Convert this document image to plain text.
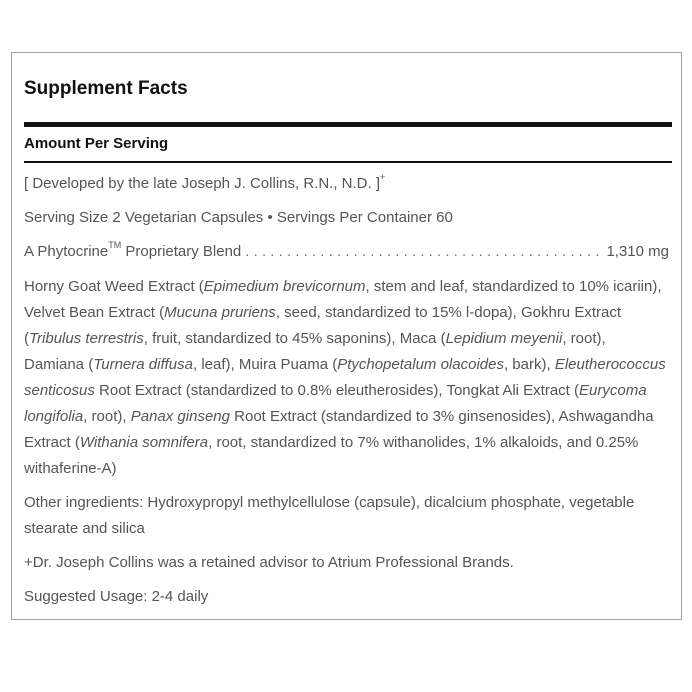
Supplement Facts
Amount Per Serving
[ Developed by the late Joseph J. Collins, R.N., N.D. ]+
Serving Size 2 Vegetarian Capsules • Servings Per Container 60
A Phytocrine™ Proprietary Blend
. . .	1,310 mg
Horny Goat Weed Extract (Epimedium brevicornum, stem and leaf, standardized to 10% icariin), Velvet Bean Extract (Mucuna pruriens, seed, standardized to 15% l-dopa), Gokhru Extract (Tribulus terrestris, fruit, standardized to 45% saponins), Maca (Lepidium meyenii, root), Damiana (Turnera diffusa, leaf), Muira Puama (Ptychopetalum olacoides, bark), Eleutherococcus senticosus Root Extract (standardized to 0.8% eleutherosides), Tongkat Ali Extract (Eurycoma longifolia, root), Panax ginseng Root Extract (standardized to 3% ginsenosides), Ashwagandha Extract (Withania somnifera, root, standardized to 7% withanolides, 1% alkaloids, and 0.25% withaferine-A)
Other ingredients: Hydroxypropyl methylcellulose (capsule), dicalcium phosphate, vegetable stearate and silica
+Dr. Joseph Collins was a retained advisor to Atrium Professional Brands.
Suggested Usage: 2-4 daily
